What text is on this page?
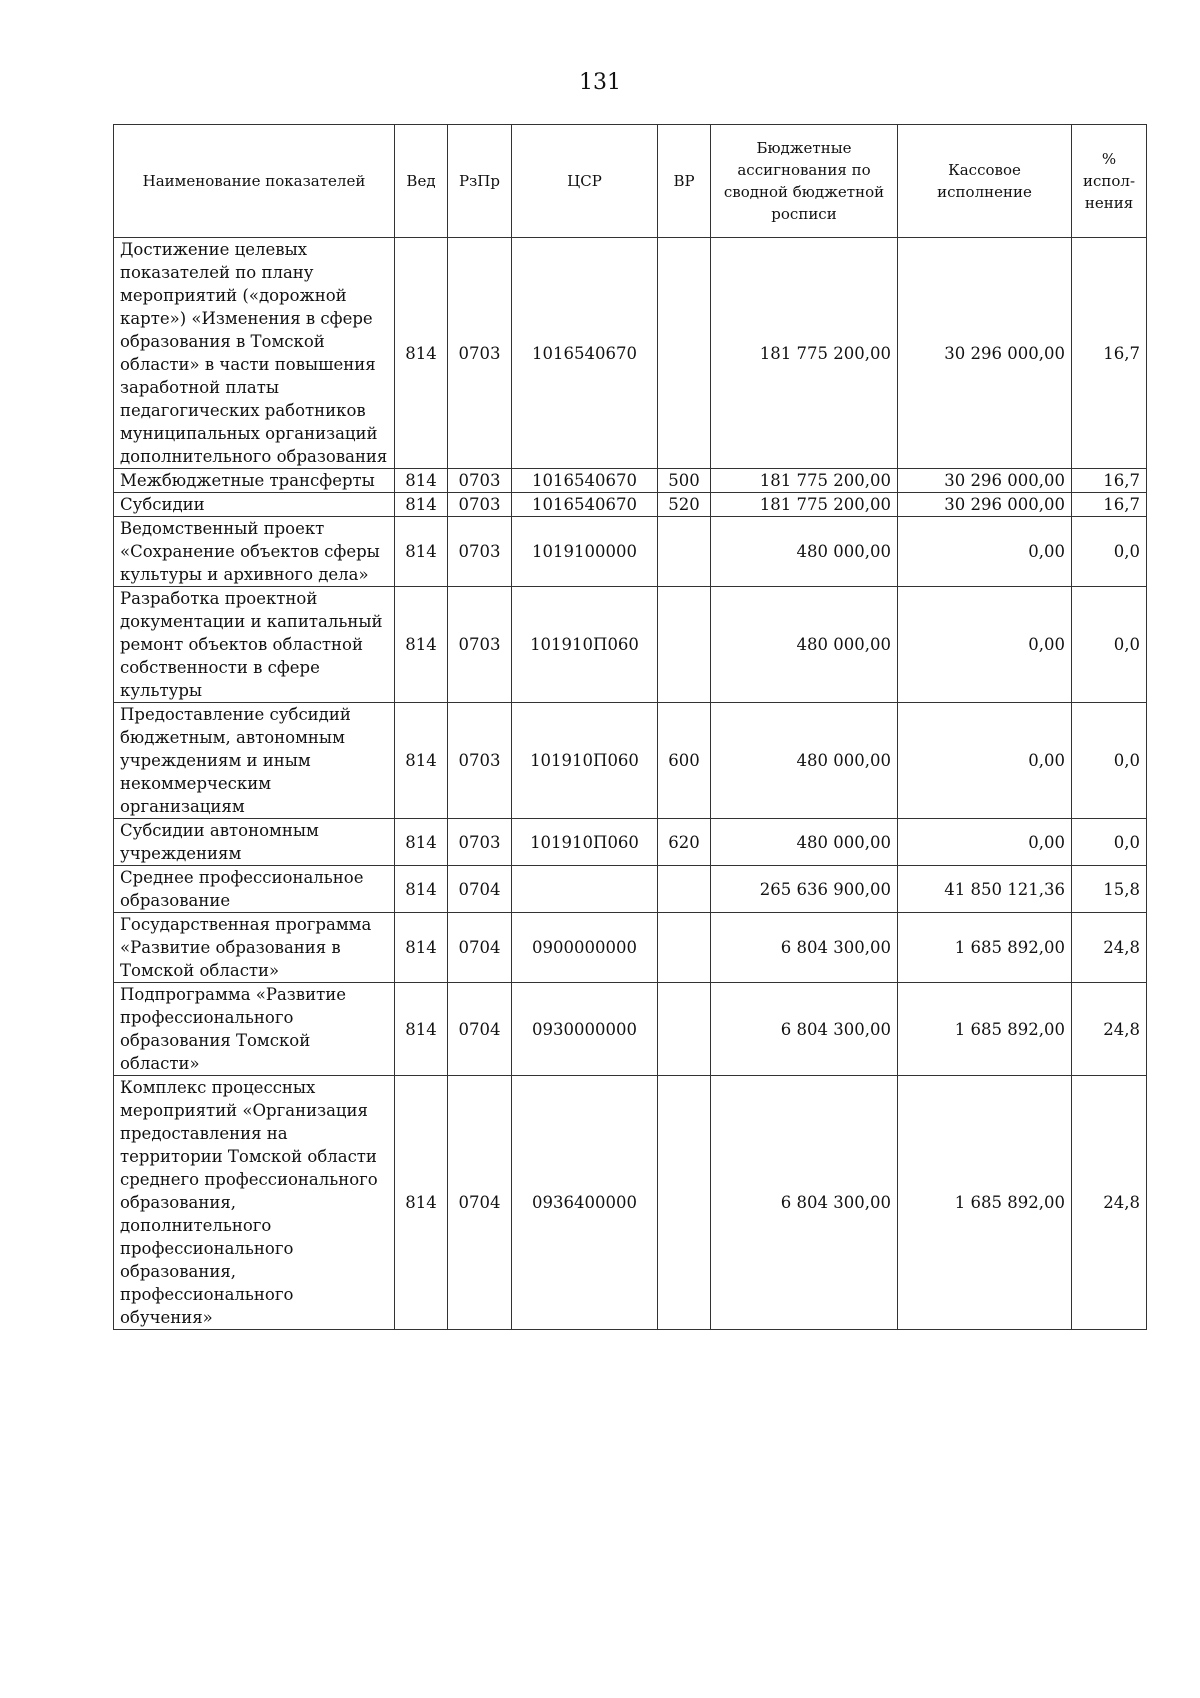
131
Наименование показателей	Вед	РзПр	ЦСР	ВР	Бюджетные ассигнования по сводной бюджетной росписи	Кассовое исполнение	% испол-нения
Достижение целевых показателей по плану мероприятий («дорожной карте») «Изменения в сфере образования в Томской области» в части повышения заработной платы педагогических работников муниципальных организаций дополнительного образования	814	0703	1016540670		181 775 200,00	30 296 000,00	16,7
Межбюджетные трансферты	814	0703	1016540670	500	181 775 200,00	30 296 000,00	16,7
Субсидии	814	0703	1016540670	520	181 775 200,00	30 296 000,00	16,7
Ведомственный проект «Сохранение объектов сферы культуры и архивного дела»	814	0703	1019100000		480 000,00	0,00	0,0
Разработка проектной документации и капитальный ремонт объектов областной собственности в сфере культуры	814	0703	101910П060		480 000,00	0,00	0,0
Предоставление субсидий бюджетным, автономным учреждениям и иным некоммерческим организациям	814	0703	101910П060	600	480 000,00	0,00	0,0
Субсидии автономным учреждениям	814	0703	101910П060	620	480 000,00	0,00	0,0
Среднее профессиональное образование	814	0704			265 636 900,00	41 850 121,36	15,8
Государственная программа «Развитие образования в Томской области»	814	0704	0900000000		6 804 300,00	1 685 892,00	24,8
Подпрограмма «Развитие профессионального образования Томской области»	814	0704	0930000000		6 804 300,00	1 685 892,00	24,8
Комплекс процессных мероприятий «Организация предоставления на территории Томской области среднего профессионального образования, дополнительного профессионального образования, профессионального обучения»	814	0704	0936400000		6 804 300,00	1 685 892,00	24,8
